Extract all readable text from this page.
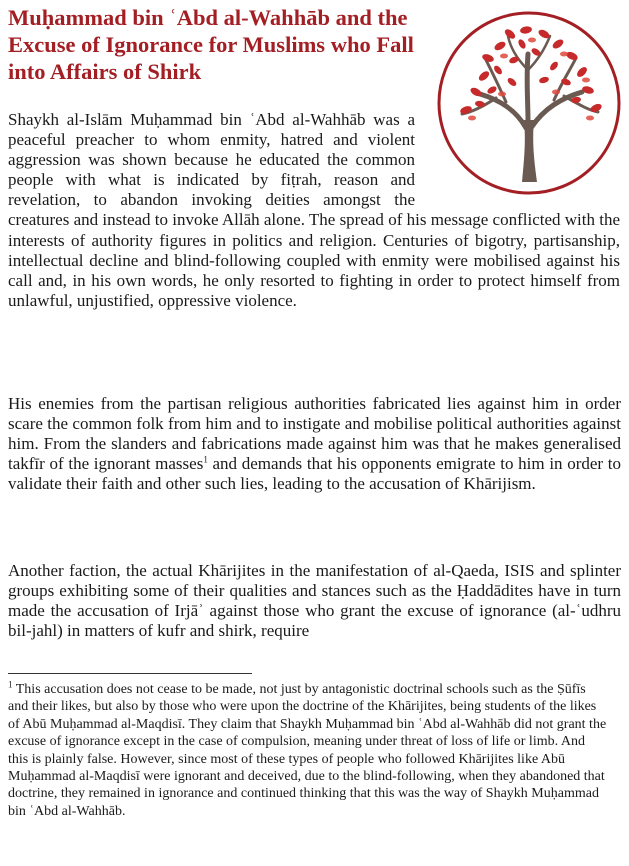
Muḥammad bin ʿAbd al-Wahhāb and the Excuse of Ignorance for Muslims who Fall into Affairs of Shirk

Shaykh al-Islām Muḥammad bin ʿAbd al-Wahhāb was a peaceful preacher to whom enmity, hatred and violent aggression was shown because he educated the common people with what is indicated by fiṭrah, reason and revelation, to abandon invoking deities amongst the creatures and instead to invoke Allāh alone. The spread of his message conflicted with the interests of authority figures in politics and religion. Centuries of bigotry, partisanship, intellectual decline and blind-following coupled with enmity were mobilised against his call and, in his own words, he only resorted to fighting in order to protect himself from unlawful, unjustified, oppressive violence.

His enemies from the partisan religious authorities fabricated lies against him in order scare the common folk from him and to instigate and mobilise political authorities against him. From the slanders and fabrications made against him was that he makes generalised takfīr of the ignorant masses$^1$ and demands that his opponents emigrate to him in order to validate their faith and other such lies, leading to the accusation of Khārijism.

Another faction, the actual Khārijites in the manifestation of al-Qaeda, ISIS and splinter groups exhibiting some of their qualities and stances such as the Ḥaddādites have in turn made the accusation of Irjāʾ against those who grant the excuse of ignorance (al-ʿudhru bil-jahl) in matters of kufr and shirk, require

$^1$ This accusation does not cease to be made, not just by antagonistic doctrinal schools such as the Ṣūfīs and their likes, but also by those who were upon the doctrine of the Khārijites, being students of the likes of Abū Muḥammad al-Maqdisī. They claim that Shaykh Muḥammad bin ʿAbd al-Wahhāb did not grant the excuse of ignorance except in the case of compulsion, meaning under threat of loss of life or limb. And this is plainly false. However, since most of these types of people who followed Khārijites like Abū Muḥammad al-Maqdisī were ignorant and deceived, due to the blind-following, when they abandoned that doctrine, they remained in ignorance and continued thinking that this was the way of Shaykh Muḥammad bin ʿAbd al-Wahhāb.
